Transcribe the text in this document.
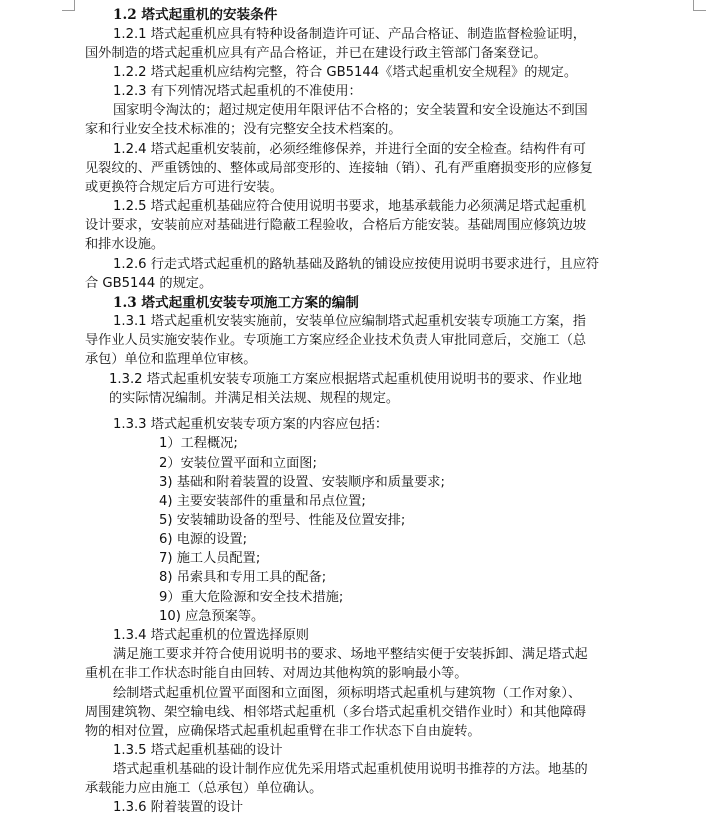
1.2 塔式起重机的安装条件
1.2.1 塔式起重机应具有特种设备制造许可证、产品合格证、制造监督检验证明，
国外制造的塔式起重机应具有产品合格证，并已在建设行政主管部门备案登记。
1.2.2 塔式起重机应结构完整，符合 GB5144《塔式起重机安全规程》的规定。
1.2.3 有下列情况塔式起重机的不准使用：
国家明令淘汰的；超过规定使用年限评估不合格的；安全装置和安全设施达不到国
家和行业安全技术标准的；没有完整安全技术档案的。
1.2.4 塔式起重机安装前，必须经维修保养，并进行全面的安全检查。结构件有可
见裂纹的、严重锈蚀的、整体或局部变形的、连接轴（销）、孔有严重磨损变形的应修复
或更换符合规定后方可进行安装。
1.2.5 塔式起重机基础应符合使用说明书要求，地基承载能力必须满足塔式起重机
设计要求，安装前应对基础进行隐蔽工程验收，合格后方能安装。基础周围应修筑边坡
和排水设施。
1.2.6 行走式塔式起重机的路轨基础及路轨的铺设应按使用说明书要求进行，且应符
合 GB5144 的规定。
1.3 塔式起重机安装专项施工方案的编制
1.3.1 塔式起重机安装实施前，安装单位应编制塔式起重机安装专项施工方案，指
导作业人员实施安装作业。专项施工方案应经企业技术负责人审批同意后，交施工（总
承包）单位和监理单位审核。
1.3.2 塔式起重机安装专项施工方案应根据塔式起重机使用说明书的要求、作业地
的实际情况编制。并满足相关法规、规程的规定。
1.3.3 塔式起重机安装专项方案的内容应包括：
1）工程概况;
2）安装位置平面和立面图;
3) 基础和附着装置的设置、安装顺序和质量要求;
4) 主要安装部件的重量和吊点位置;
5) 安装辅助设备的型号、性能及位置安排;
6) 电源的设置;
7) 施工人员配置;
8) 吊索具和专用工具的配备;
9）重大危险源和安全技术措施;
10) 应急预案等。
1.3.4 塔式起重机的位置选择原则
满足施工要求并符合使用说明书的要求、场地平整结实便于安装拆卸、满足塔式起
重机在非工作状态时能自由回转、对周边其他构筑的影响最小等。
绘制塔式起重机位置平面图和立面图，须标明塔式起重机与建筑物（工作对象）、
周围建筑物、架空输电线、相邻塔式起重机（多台塔式起重机交错作业时）和其他障碍
物的相对位置，应确保塔式起重机起重臂在非工作状态下自由旋转。
1.3.5 塔式起重机基础的设计
塔式起重机基础的设计制作应优先采用塔式起重机使用说明书推荐的方法。地基的
承载能力应由施工（总承包）单位确认。
1.3.6 附着装置的设计
